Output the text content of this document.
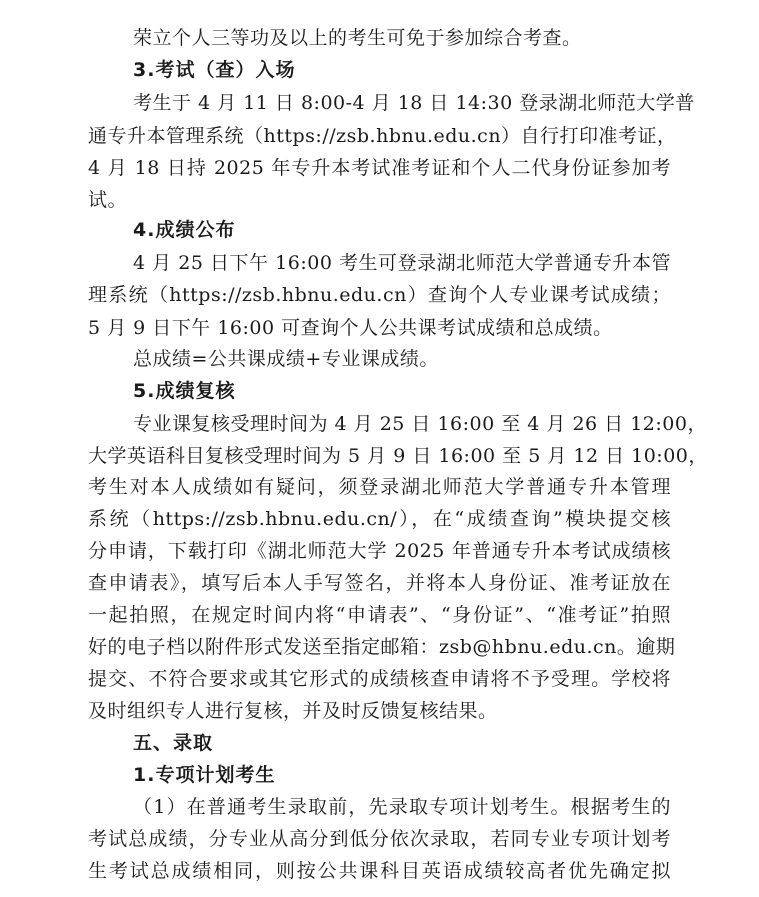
荣立个人三等功及以上的考生可免于参加综合考查。
3.考试（查）入场
考生于 4 月 11 日 8:00-4 月 18 日 14:30 登录湖北师范大学普
通专升本管理系统（https://zsb.hbnu.edu.cn）自行打印准考证，
4 月 18 日持 2025 年专升本考试准考证和个人二代身份证参加考
试。
4.成绩公布
4 月 25 日下午 16:00 考生可登录湖北师范大学普通专升本管
理系统（https://zsb.hbnu.edu.cn）查询个人专业课考试成绩；
5 月 9 日下午 16:00 可查询个人公共课考试成绩和总成绩。
总成绩=公共课成绩+专业课成绩。
5.成绩复核
专业课复核受理时间为 4 月 25 日 16:00 至 4 月 26 日 12:00，
大学英语科目复核受理时间为 5 月 9 日 16:00 至 5 月 12 日 10:00，
考生对本人成绩如有疑问，须登录湖北师范大学普通专升本管理
系统（https://zsb.hbnu.edu.cn/），在“成绩查询”模块提交核
分申请，下载打印《湖北师范大学 2025 年普通专升本考试成绩核
查申请表》，填写后本人手写签名，并将本人身份证、准考证放在
一起拍照，在规定时间内将“申请表”、“身份证”、“准考证”拍照
好的电子档以附件形式发送至指定邮箱：zsb@hbnu.edu.cn。逾期
提交、不符合要求或其它形式的成绩核查申请将不予受理。学校将
及时组织专人进行复核，并及时反馈复核结果。
五、录取
1.专项计划考生
（1）在普通考生录取前，先录取专项计划考生。根据考生的
考试总成绩，分专业从高分到低分依次录取，若同专业专项计划考
生考试总成绩相同，则按公共课科目英语成绩较高者优先确定拟
